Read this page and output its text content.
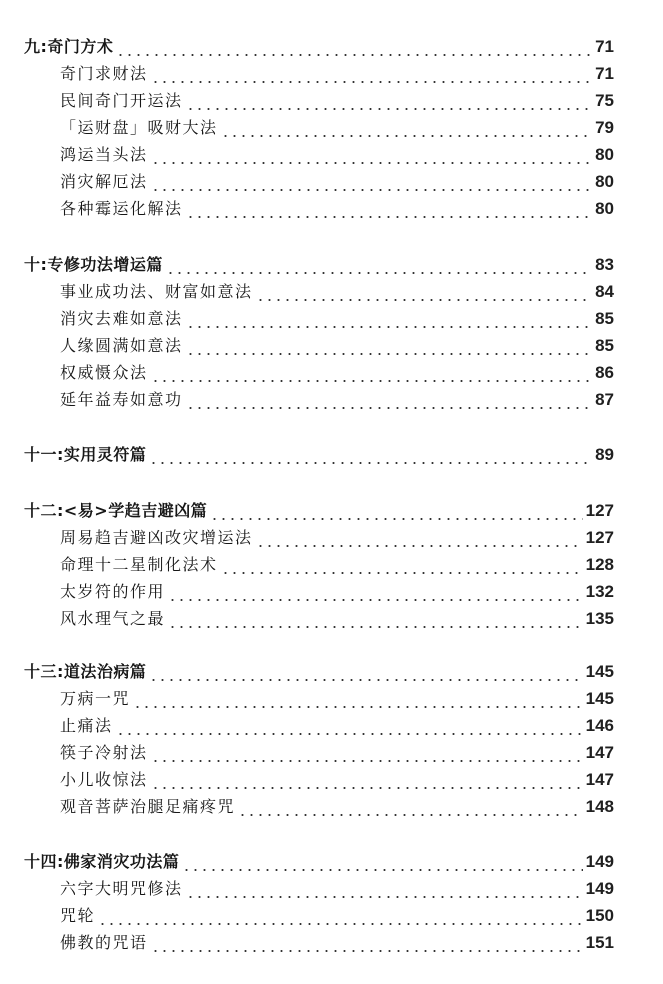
九:奇门方术	71
奇门求财法	71
民间奇门开运法	75
「运财盘」吸财大法	79
鸿运当头法	80
消灾解厄法	80
各种霉运化解法	80
十:专修功法增运篇	83
事业成功法、财富如意法	84
消灾去难如意法	85
人缘圆满如意法	85
权威慑众法	86
延年益寿如意功	87
十一:实用灵符篇	89
十二:<易>学趋吉避凶篇	127
周易趋吉避凶改灾增运法	127
命理十二星制化法术	128
太岁符的作用	132
风水理气之最	135
十三:道法治病篇	145
万病一咒	145
止痛法	146
筷子冷射法	147
小儿收惊法	147
观音菩萨治腿足痛疼咒	148
十四:佛家消灾功法篇	149
六字大明咒修法	149
咒轮	150
佛教的咒语	151
